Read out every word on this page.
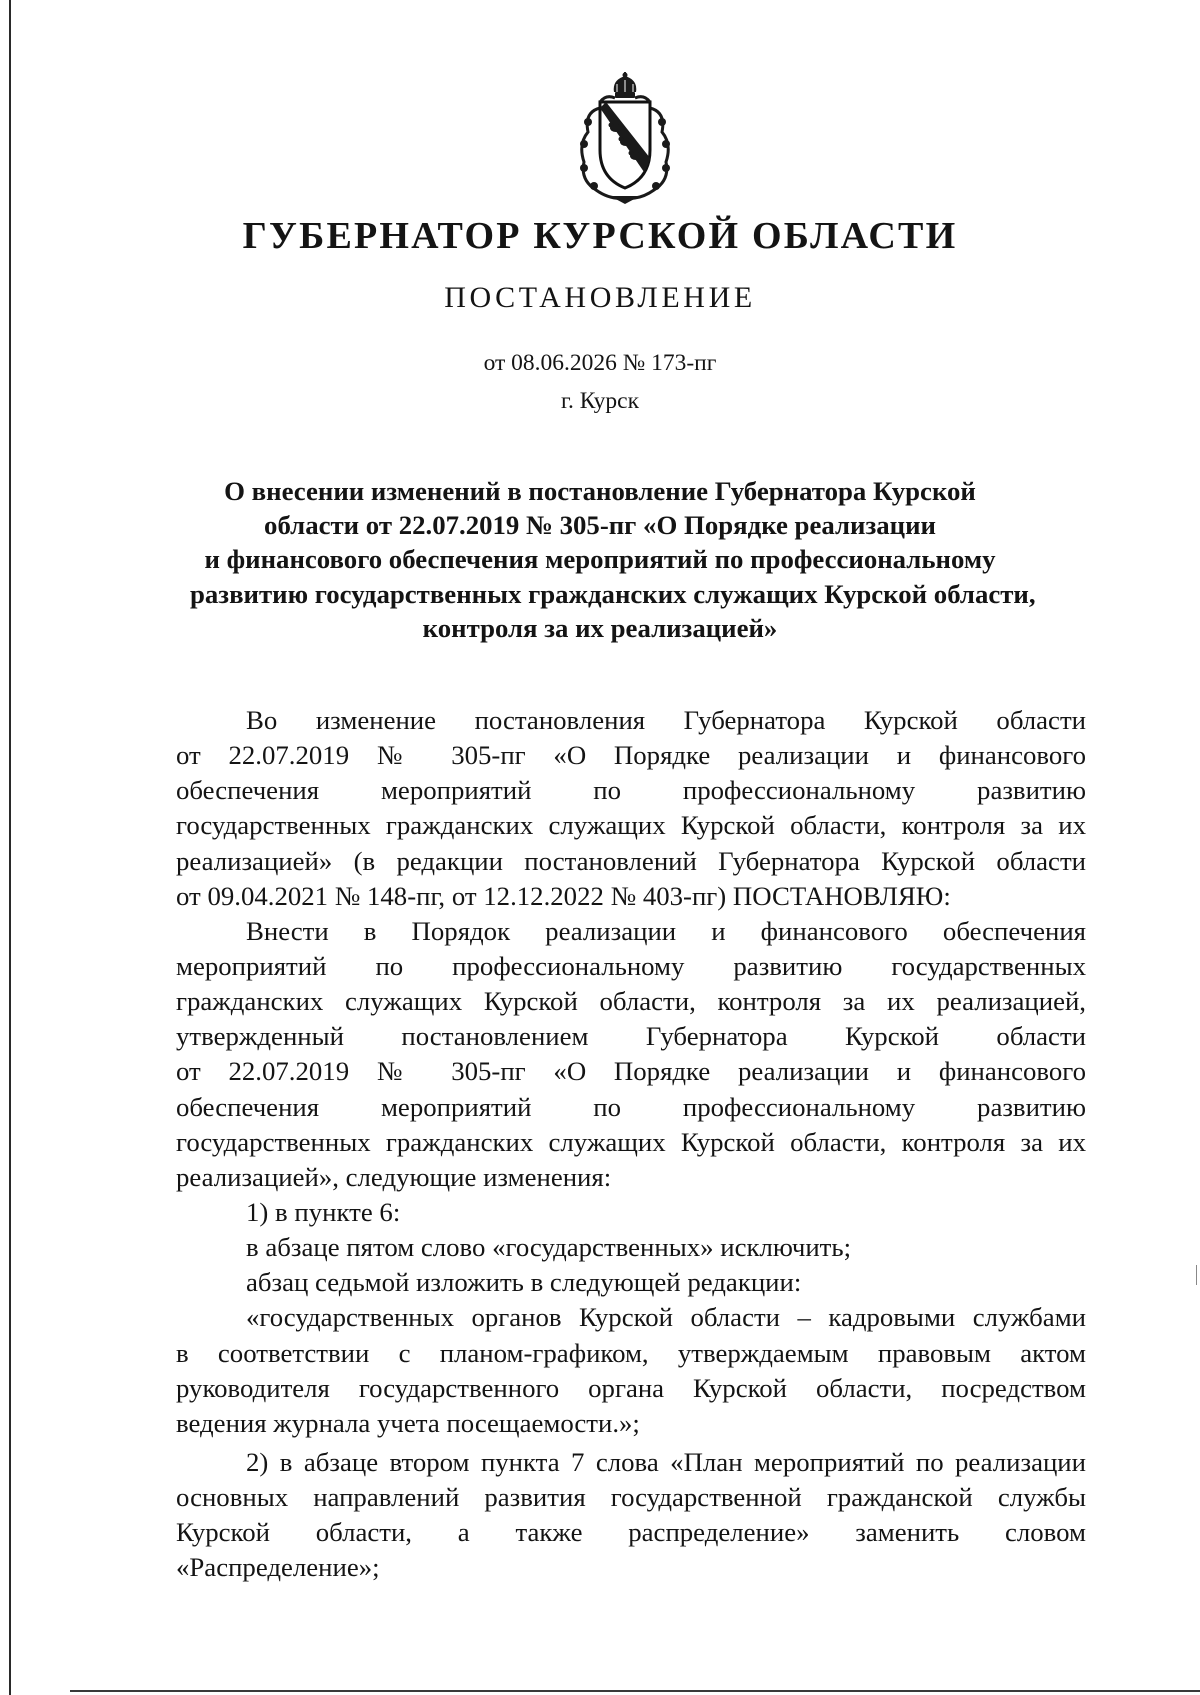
ГУБЕРНАТОР КУРСКОЙ ОБЛАСТИ
ПОСТАНОВЛЕНИЕ
от 08.06.2026 № 173-пг
г. Курск
О внесении изменений в постановление Губернатора Курской
области от 22.07.2019 № 305-пг «О Порядке реализации
и финансового обеспечения мероприятий по профессиональному
развитию государственных гражданских служащих Курской области,
контроля за их реализацией»
Во изменение постановления Губернатора Курской области
от 22.07.2019 № 305-пг «О Порядке реализации и финансового
обеспечения мероприятий по профессиональному развитию
государственных гражданских служащих Курской области, контроля за их
реализацией» (в редакции постановлений Губернатора Курской области
от 09.04.2021 № 148-пг, от 12.12.2022 № 403-пг) ПОСТАНОВЛЯЮ:
Внести в Порядок реализации и финансового обеспечения
мероприятий по профессиональному развитию государственных
гражданских служащих Курской области, контроля за их реализацией,
утвержденный постановлением Губернатора Курской области
от 22.07.2019 № 305-пг «О Порядке реализации и финансового
обеспечения мероприятий по профессиональному развитию
государственных гражданских служащих Курской области, контроля за их
реализацией», следующие изменения:
1) в пункте 6:
в абзаце пятом слово «государственных» исключить;
абзац седьмой изложить в следующей редакции:
«государственных органов Курской области – кадровыми службами
в соответствии с планом-графиком, утверждаемым правовым актом
руководителя государственного органа Курской области, посредством
ведения журнала учета посещаемости.»;
2) в абзаце втором пункта 7 слова «План мероприятий по реализации
основных направлений развития государственной гражданской службы
Курской области, а также распределение» заменить словом
«Распределение»;
